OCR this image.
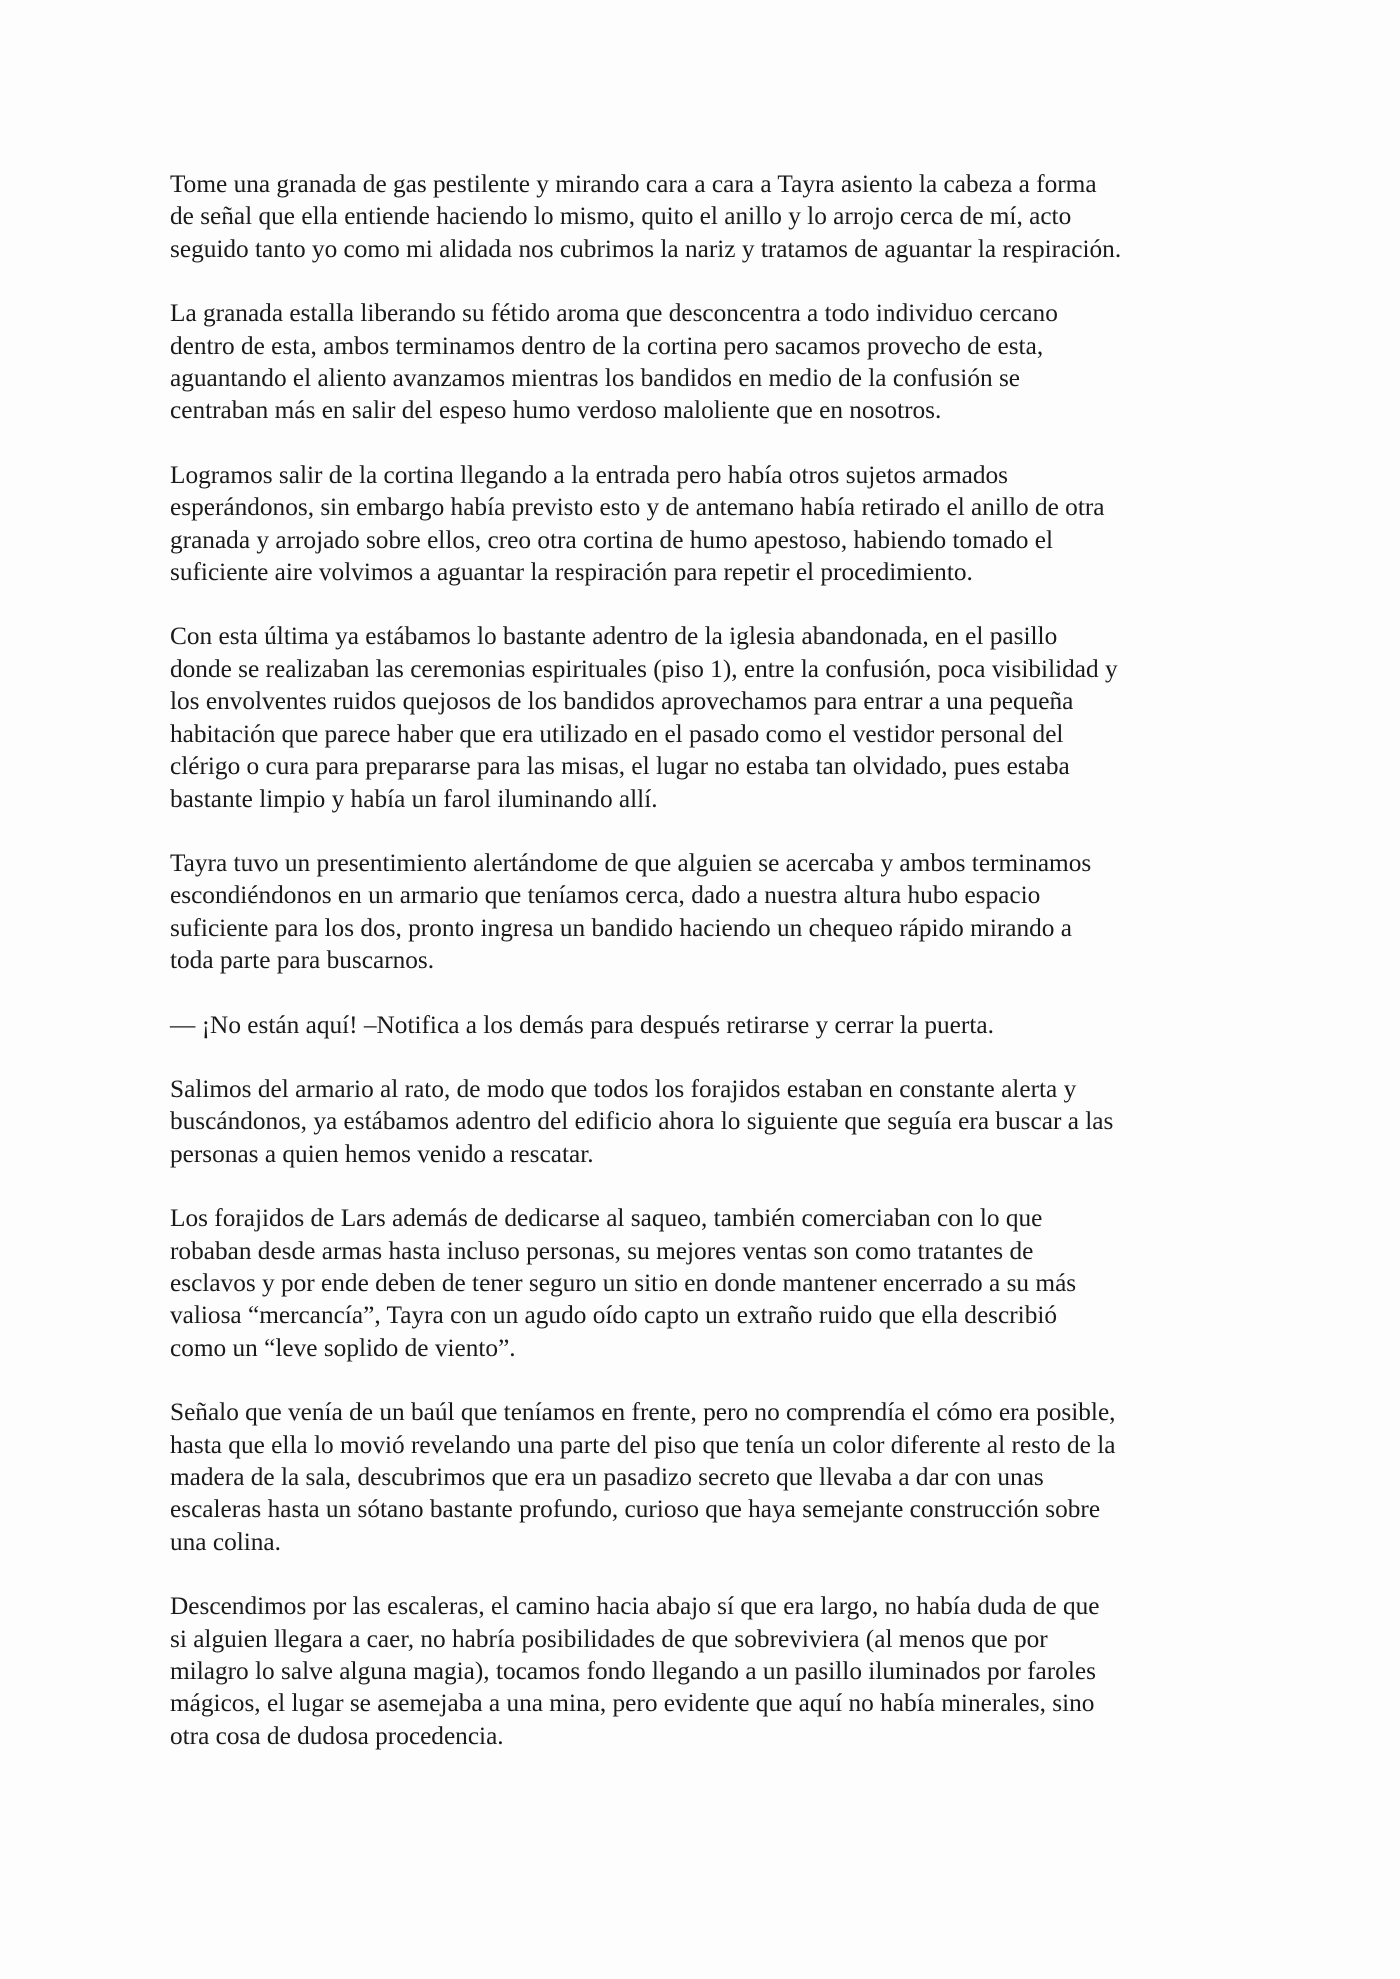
Tome una granada de gas pestilente y mirando cara a cara a Tayra asiento la cabeza a forma
de señal que ella entiende haciendo lo mismo, quito el anillo y lo arrojo cerca de mí, acto
seguido tanto yo como mi alidada nos cubrimos la nariz y tratamos de aguantar la respiración.

La granada estalla liberando su fétido aroma que desconcentra a todo individuo cercano
dentro de esta, ambos terminamos dentro de la cortina pero sacamos provecho de esta,
aguantando el aliento avanzamos mientras los bandidos en medio de la confusión se
centraban más en salir del espeso humo verdoso maloliente que en nosotros.

Logramos salir de la cortina llegando a la entrada pero había otros sujetos armados
esperándonos, sin embargo había previsto esto y de antemano había retirado el anillo de otra
granada y arrojado sobre ellos, creo otra cortina de humo apestoso, habiendo tomado el
suficiente aire volvimos a aguantar la respiración para repetir el procedimiento.

Con esta última ya estábamos lo bastante adentro de la iglesia abandonada, en el pasillo
donde se realizaban las ceremonias espirituales (piso 1), entre la confusión, poca visibilidad y
los envolventes ruidos quejosos de los bandidos aprovechamos para entrar a una pequeña
habitación que parece haber que era utilizado en el pasado como el vestidor personal del
clérigo o cura para prepararse para las misas, el lugar no estaba tan olvidado, pues estaba
bastante limpio y había un farol iluminando allí.

Tayra tuvo un presentimiento alertándome de que alguien se acercaba y ambos terminamos
escondiéndonos en un armario que teníamos cerca, dado a nuestra altura hubo espacio
suficiente para los dos, pronto ingresa un bandido haciendo un chequeo rápido mirando a
toda parte para buscarnos.

— ¡No están aquí! –Notifica a los demás para después retirarse y cerrar la puerta.

Salimos del armario al rato, de modo que todos los forajidos estaban en constante alerta y
buscándonos, ya estábamos adentro del edificio ahora lo siguiente que seguía era buscar a las
personas a quien hemos venido a rescatar.

Los forajidos de Lars además de dedicarse al saqueo, también comerciaban con lo que
robaban desde armas hasta incluso personas, su mejores ventas son como tratantes de
esclavos y por ende deben de tener seguro un sitio en donde mantener encerrado a su más
valiosa “mercancía”, Tayra con un agudo oído capto un extraño ruido que ella describió
como un “leve soplido de viento”.

Señalo que venía de un baúl que teníamos en frente, pero no comprendía el cómo era posible,
hasta que ella lo movió revelando una parte del piso que tenía un color diferente al resto de la
madera de la sala, descubrimos que era un pasadizo secreto que llevaba a dar con unas
escaleras hasta un sótano bastante profundo, curioso que haya semejante construcción sobre
una colina.

Descendimos por las escaleras, el camino hacia abajo sí que era largo, no había duda de que
si alguien llegara a caer, no habría posibilidades de que sobreviviera (al menos que por
milagro lo salve alguna magia), tocamos fondo llegando a un pasillo iluminados por faroles
mágicos, el lugar se asemejaba a una mina, pero evidente que aquí no había minerales, sino
otra cosa de dudosa procedencia.
